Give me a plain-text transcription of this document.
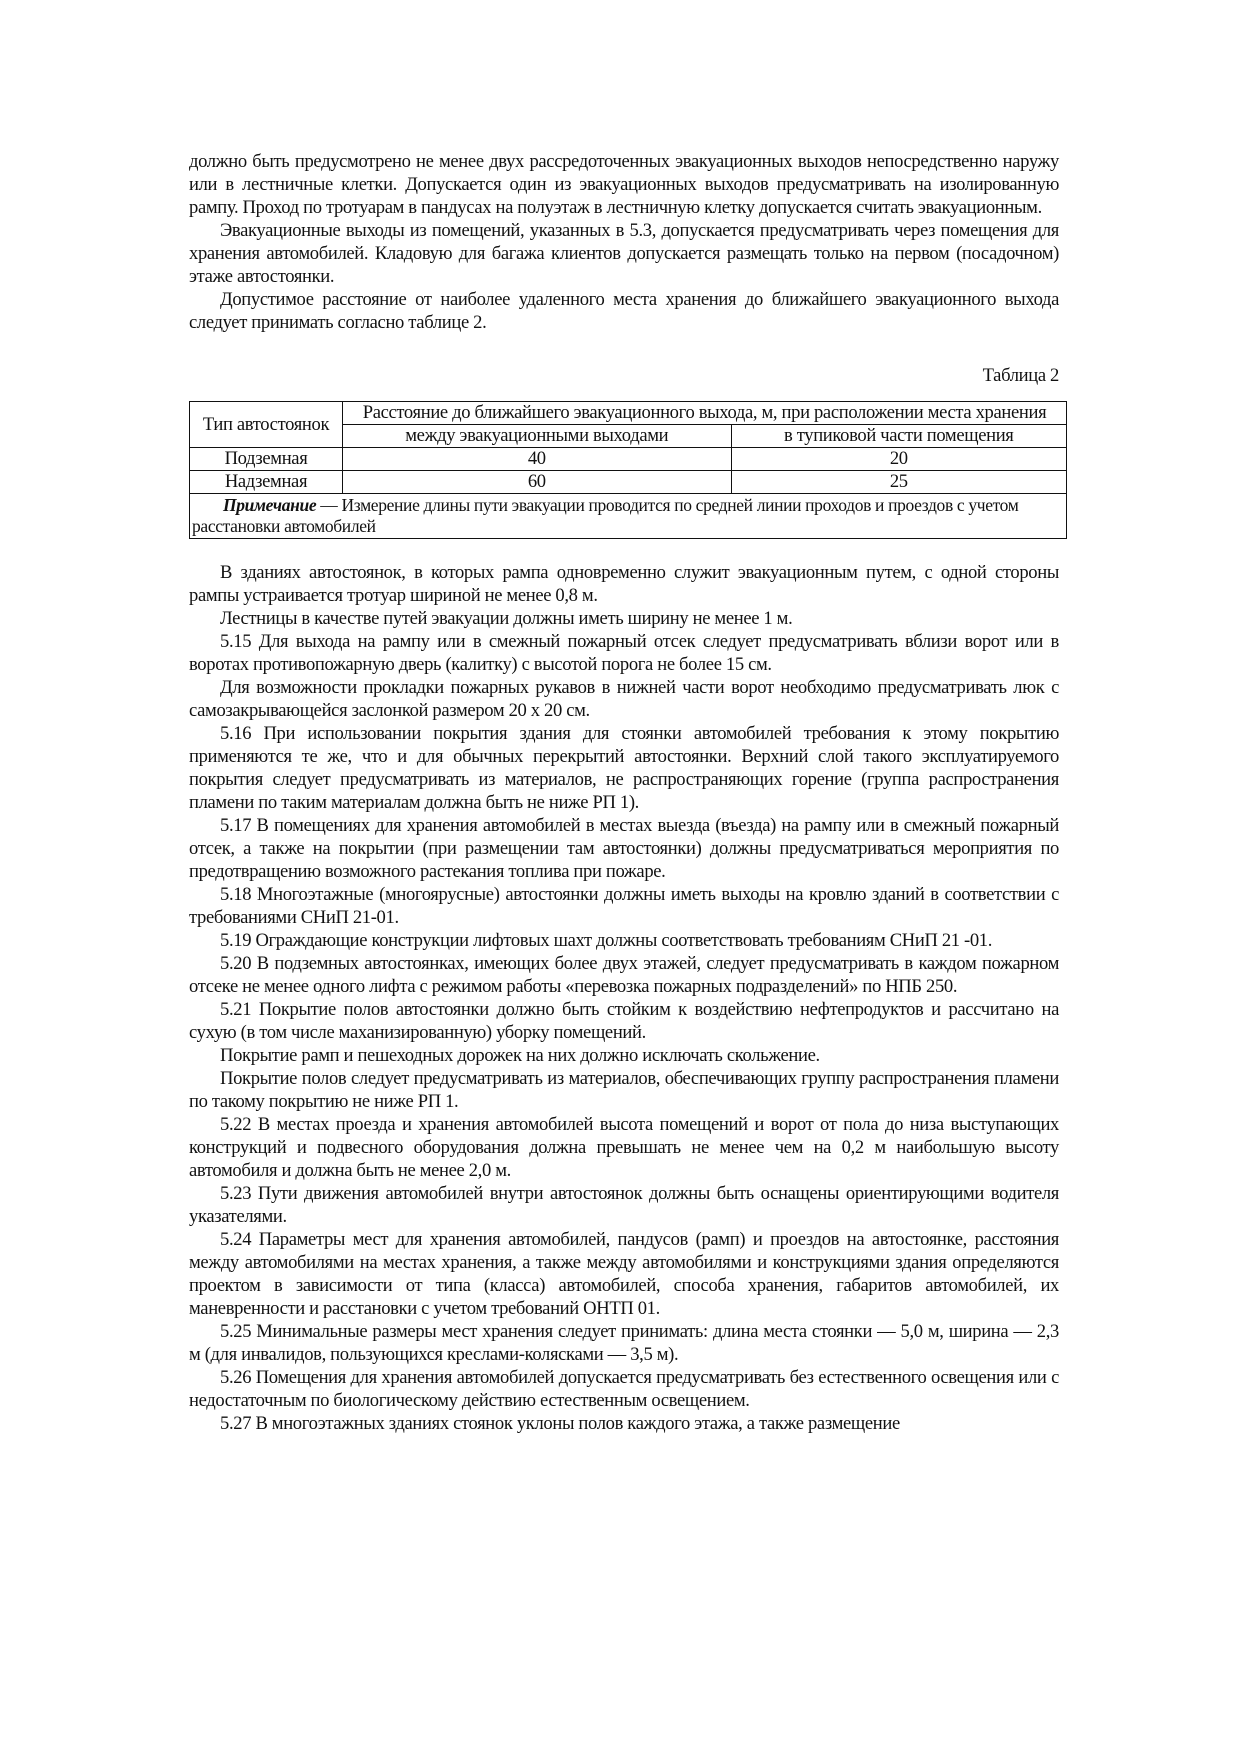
должно быть предусмотрено не менее двух рассредоточенных эвакуационных выходов непосредственно наружу или в лестничные клетки. Допускается один из эвакуационных выходов предусматривать на изолированную рампу. Проход по тротуарам в пандусах на полуэтаж в лестничную клетку допускается считать эвакуационным.

Эвакуационные выходы из помещений, указанных в 5.3, допускается предусматривать через помещения для хранения автомобилей. Кладовую для багажа клиентов допускается размещать только на первом (посадочном) этаже автостоянки.

Допустимое расстояние от наиболее удаленного места хранения до ближайшего эвакуационного выхода следует принимать согласно таблице 2.

Таблица 2
Тип автостоянок	Расстояние до ближайшего эвакуационного выхода, м, при расположении места хранения	
	между эвакуационными выходами	в тупиковой части помещения
Подземная	40	20
Надземная	60	25
Примечание — Измерение длины пути эвакуации проводится по средней линии проходов и проездов с учетом расстановки автомобилей		

В зданиях автостоянок, в которых рампа одновременно служит эвакуационным путем, с одной стороны рампы устраивается тротуар шириной не менее 0,8 м.

Лестницы в качестве путей эвакуации должны иметь ширину не менее 1 м.

5.15 Для выхода на рампу или в смежный пожарный отсек следует предусматривать вблизи ворот или в воротах противопожарную дверь (калитку) с высотой порога не более 15 см.

Для возможности прокладки пожарных рукавов в нижней части ворот необходимо предусматривать люк с самозакрывающейся заслонкой размером 20 х 20 см.

5.16 При использовании покрытия здания для стоянки автомобилей требования к этому покрытию применяются те же, что и для обычных перекрытий автостоянки. Верхний слой такого эксплуатируемого покрытия следует предусматривать из материалов, не распространяющих горение (группа распространения пламени по таким материалам должна быть не ниже РП 1).

5.17 В помещениях для хранения автомобилей в местах выезда (въезда) на рампу или в смежный пожарный отсек, а также на покрытии (при размещении там автостоянки) должны предусматриваться мероприятия по предотвращению возможного растекания топлива при пожаре.

5.18 Многоэтажные (многоярусные) автостоянки должны иметь выходы на кровлю зданий в соответствии с требованиями СНиП 21-01.

5.19 Ограждающие конструкции лифтовых шахт должны соответствовать требованиям СНиП 21 -01.

5.20 В подземных автостоянках, имеющих более двух этажей, следует предусматривать в каждом пожарном отсеке не менее одного лифта с режимом работы «перевозка пожарных подразделений» по НПБ 250.

5.21 Покрытие полов автостоянки должно быть стойким к воздействию нефтепродуктов и рассчитано на сухую (в том числе маханизированную) уборку помещений.

Покрытие рамп и пешеходных дорожек на них должно исключать скольжение.

Покрытие полов следует предусматривать из материалов, обеспечивающих группу распространения пламени по такому покрытию не ниже РП 1.

5.22 В местах проезда и хранения автомобилей высота помещений и ворот от пола до низа выступающих конструкций и подвесного оборудования должна превышать не менее чем на 0,2 м наибольшую высоту автомобиля и должна быть не менее 2,0 м.

5.23 Пути движения автомобилей внутри автостоянок должны быть оснащены ориентирующими водителя указателями.

5.24 Параметры мест для хранения автомобилей, пандусов (рамп) и проездов на автостоянке, расстояния между автомобилями на местах хранения, а также между автомобилями и конструкциями здания определяются проектом в зависимости от типа (класса) автомобилей, способа хранения, габаритов автомобилей, их маневренности и расстановки с учетом требований ОНТП 01.

5.25 Минимальные размеры мест хранения следует принимать: длина места стоянки — 5,0 м, ширина — 2,3 м (для инвалидов, пользующихся креслами-колясками — 3,5 м).

5.26 Помещения для хранения автомобилей допускается предусматривать без естественного освещения или с недостаточным по биологическому действию естественным освещением.

5.27 В многоэтажных зданиях стоянок уклоны полов каждого этажа, а также размещение
